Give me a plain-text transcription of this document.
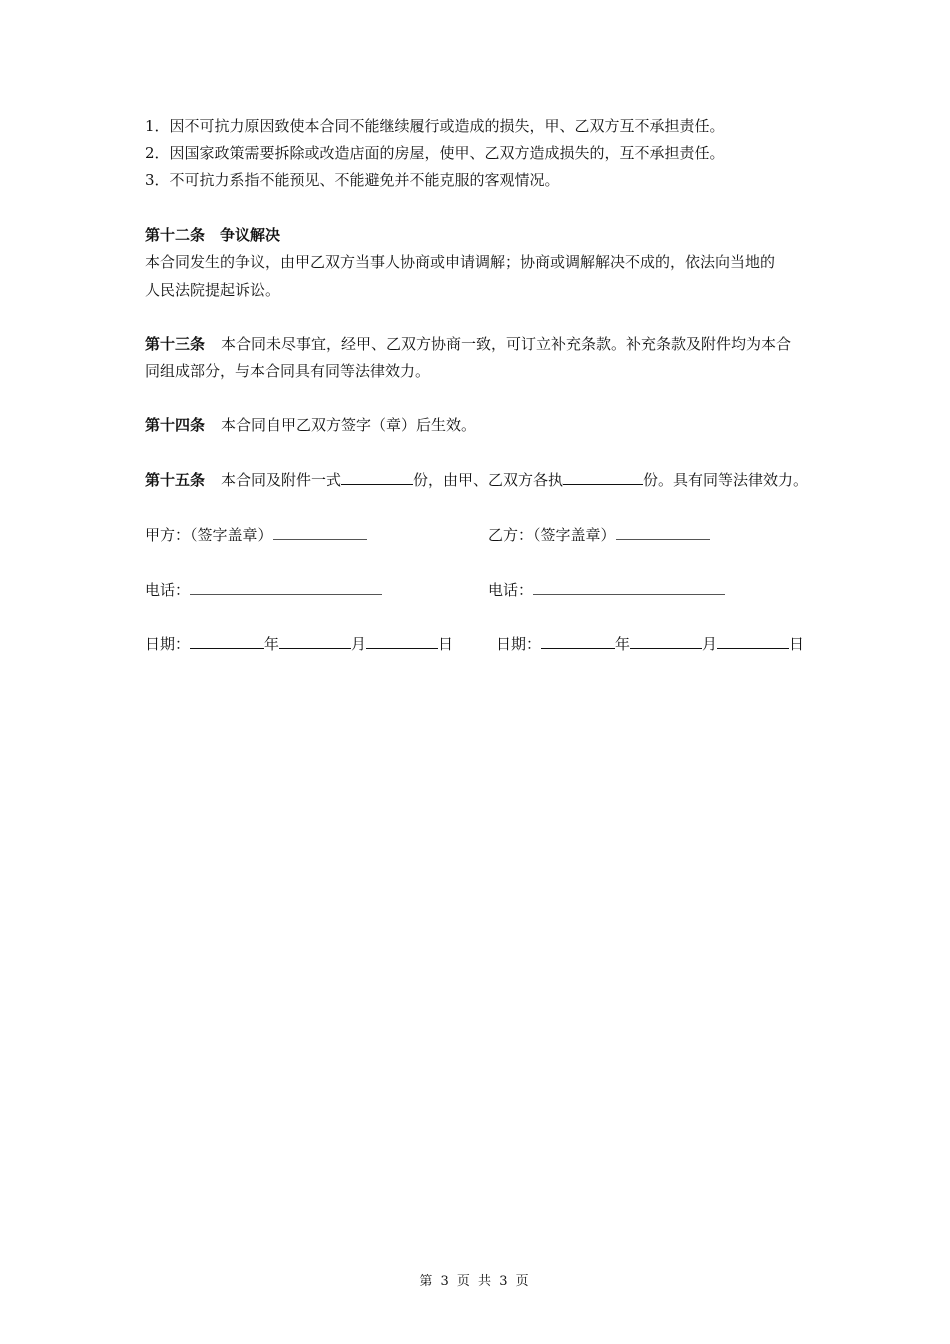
1．因不可抗力原因致使本合同不能继续履行或造成的损失，甲、乙双方互不承担责任。
2．因国家政策需要拆除或改造店面的房屋，使甲、乙双方造成损失的，互不承担责任。
3．不可抗力系指不能预见、不能避免并不能克服的客观情况。
第十二条　争议解决
本合同发生的争议，由甲乙双方当事人协商或申请调解；协商或调解解决不成的，依法向当地的
人民法院提起诉讼。
第十三条 本合同未尽事宜，经甲、乙双方协商一致，可订立补充条款。补充条款及附件均为本合
同组成部分，与本合同具有同等法律效力。
第十四条 本合同自甲乙双方签字（章）后生效。
第十五条 本合同及附件一式	份，由甲、乙双方各执	份。具有同等法律效力。
甲方：（签字盖章）	乙方：（签字盖章）
电话：	电话：
日期：	年	月	日	日期：	年	月	日
第 3 页 共 3 页
